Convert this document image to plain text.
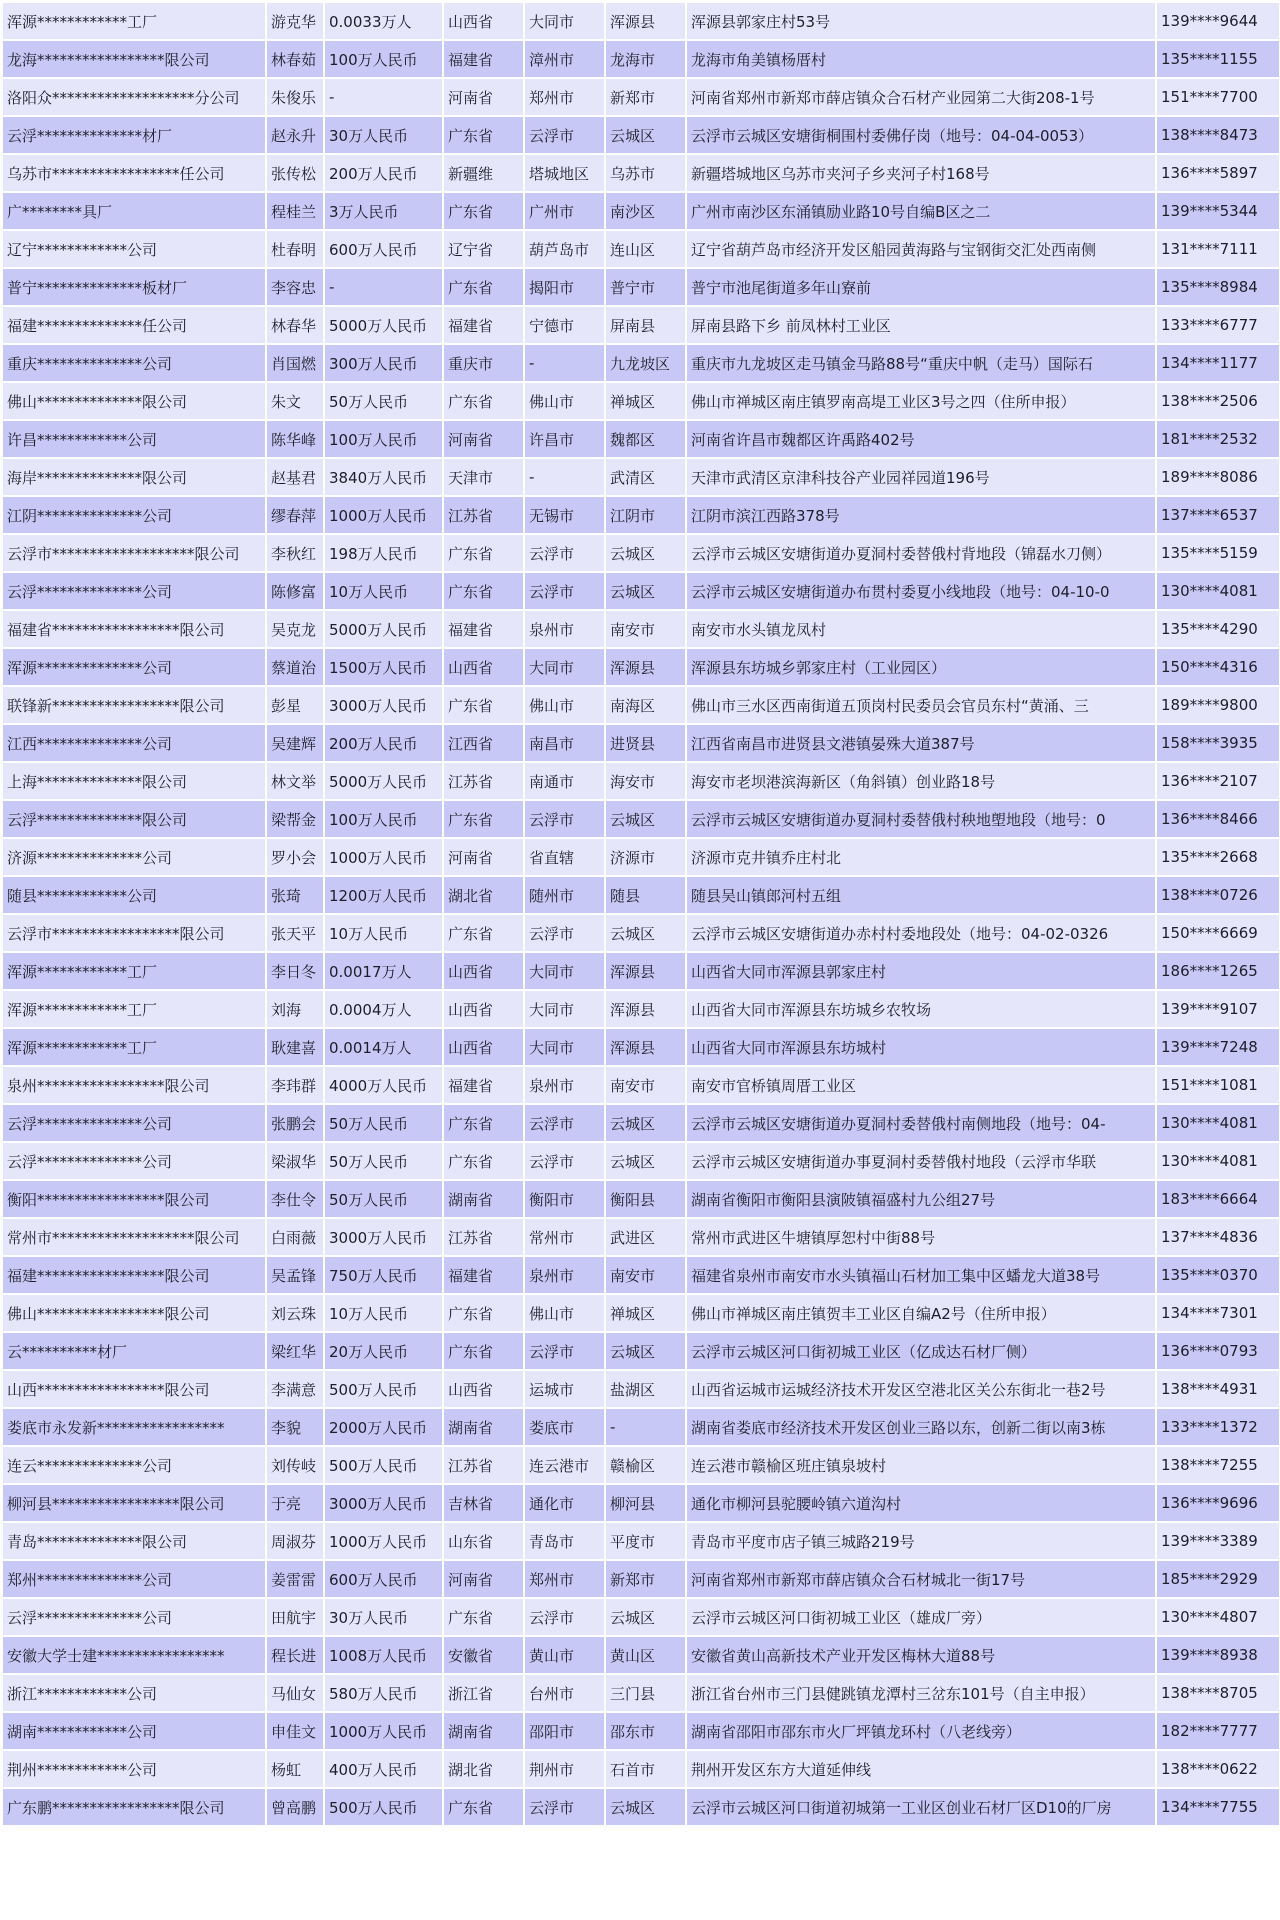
浑源************工厂	游克华	0.0033万人	山西省	大同市	浑源县	浑源县郭家庄村53号	139****9644
龙海*****************限公司	林春茹	100万人民币	福建省	漳州市	龙海市	龙海市角美镇杨厝村	135****1155
洛阳众*******************分公司	朱俊乐	-	河南省	郑州市	新郑市	河南省郑州市新郑市薛店镇众合石材产业园第二大街208-1号	151****7700
云浮**************材厂	赵永升	30万人民币	广东省	云浮市	云城区	云浮市云城区安塘街桐围村委佛仔岗（地号：04-04-0053）	138****8473
乌苏市*****************任公司	张传松	200万人民币	新疆维	塔城地区	乌苏市	新疆塔城地区乌苏市夹河子乡夹河子村168号	136****5897
广********具厂	程桂兰	3万人民币	广东省	广州市	南沙区	广州市南沙区东涌镇励业路10号自编B区之二	139****5344
辽宁************公司	杜春明	600万人民币	辽宁省	葫芦岛市	连山区	辽宁省葫芦岛市经济开发区船园黄海路与宝钢街交汇处西南侧	131****7111
普宁**************板材厂	李容忠	-	广东省	揭阳市	普宁市	普宁市池尾街道多年山寮前	135****8984
福建**************任公司	林春华	5000万人民币	福建省	宁德市	屏南县	屏南县路下乡 前凤林村工业区	133****6777
重庆**************公司	肖国燃	300万人民币	重庆市	-	九龙坡区	重庆市九龙坡区走马镇金马路88号“重庆中帆（走马）国际石	134****1177
佛山**************限公司	朱文	50万人民币	广东省	佛山市	禅城区	佛山市禅城区南庄镇罗南高堤工业区3号之四（住所申报）	138****2506
许昌************公司	陈华峰	100万人民币	河南省	许昌市	魏都区	河南省许昌市魏都区许禹路402号	181****2532
海岸**************限公司	赵基君	3840万人民币	天津市	-	武清区	天津市武清区京津科技谷产业园祥园道196号	189****8086
江阴**************公司	缪春萍	1000万人民币	江苏省	无锡市	江阴市	江阴市滨江西路378号	137****6537
云浮市*******************限公司	李秋红	198万人民币	广东省	云浮市	云城区	云浮市云城区安塘街道办夏洞村委替俄村背地段（锦磊水刀侧）	135****5159
云浮**************公司	陈修富	10万人民币	广东省	云浮市	云城区	云浮市云城区安塘街道办布贯村委夏小线地段（地号：04-10-0	130****4081
福建省*****************限公司	吴克龙	5000万人民币	福建省	泉州市	南安市	南安市水头镇龙凤村	135****4290
浑源**************公司	蔡道治	1500万人民币	山西省	大同市	浑源县	浑源县东坊城乡郭家庄村（工业园区）	150****4316
联锋新*****************限公司	彭星	3000万人民币	广东省	佛山市	南海区	佛山市三水区西南街道五顶岗村民委员会官员东村“黄涌、三	189****9800
江西**************公司	吴建辉	200万人民币	江西省	南昌市	进贤县	江西省南昌市进贤县文港镇晏殊大道387号	158****3935
上海**************限公司	林文举	5000万人民币	江苏省	南通市	海安市	海安市老坝港滨海新区（角斜镇）创业路18号	136****2107
云浮**************限公司	梁帮金	100万人民币	广东省	云浮市	云城区	云浮市云城区安塘街道办夏洞村委替俄村秧地塱地段（地号：0	136****8466
济源**************公司	罗小会	1000万人民币	河南省	省直辖	济源市	济源市克井镇乔庄村北	135****2668
随县************公司	张琦	1200万人民币	湖北省	随州市	随县	随县吴山镇郎河村五组	138****0726
云浮市*****************限公司	张天平	10万人民币	广东省	云浮市	云城区	云浮市云城区安塘街道办赤村村委地段处（地号：04-02-0326	150****6669
浑源************工厂	李日冬	0.0017万人	山西省	大同市	浑源县	山西省大同市浑源县郭家庄村	186****1265
浑源************工厂	刘海	0.0004万人	山西省	大同市	浑源县	山西省大同市浑源县东坊城乡农牧场	139****9107
浑源************工厂	耿建喜	0.0014万人	山西省	大同市	浑源县	山西省大同市浑源县东坊城村	139****7248
泉州*****************限公司	李玮群	4000万人民币	福建省	泉州市	南安市	南安市官桥镇周厝工业区	151****1081
云浮**************公司	张鹏会	50万人民币	广东省	云浮市	云城区	云浮市云城区安塘街道办夏洞村委替俄村南侧地段（地号：04-	130****4081
云浮**************公司	梁淑华	50万人民币	广东省	云浮市	云城区	云浮市云城区安塘街道办事夏洞村委替俄村地段（云浮市华联	130****4081
衡阳*****************限公司	李仕令	50万人民币	湖南省	衡阳市	衡阳县	湖南省衡阳市衡阳县演陂镇福盛村九公组27号	183****6664
常州市*******************限公司	白雨薇	3000万人民币	江苏省	常州市	武进区	常州市武进区牛塘镇厚恕村中街88号	137****4836
福建*****************限公司	吴孟锋	750万人民币	福建省	泉州市	南安市	福建省泉州市南安市水头镇福山石材加工集中区蟠龙大道38号	135****0370
佛山*****************限公司	刘云珠	10万人民币	广东省	佛山市	禅城区	佛山市禅城区南庄镇贺丰工业区自编A2号（住所申报）	134****7301
云**********材厂	梁红华	20万人民币	广东省	云浮市	云城区	云浮市云城区河口街初城工业区（亿成达石材厂侧）	136****0793
山西*****************限公司	李满意	500万人民币	山西省	运城市	盐湖区	山西省运城市运城经济技术开发区空港北区关公东街北一巷2号	138****4931
娄底市永发新*****************	李貌	2000万人民币	湖南省	娄底市	-	湖南省娄底市经济技术开发区创业三路以东，创新二街以南3栋	133****1372
连云**************公司	刘传岐	500万人民币	江苏省	连云港市	赣榆区	连云港市赣榆区班庄镇泉坡村	138****7255
柳河县*****************限公司	于亮	3000万人民币	吉林省	通化市	柳河县	通化市柳河县驼腰岭镇六道沟村	136****9696
青岛**************限公司	周淑芬	1000万人民币	山东省	青岛市	平度市	青岛市平度市店子镇三城路219号	139****3389
郑州**************公司	姜雷雷	600万人民币	河南省	郑州市	新郑市	河南省郑州市新郑市薛店镇众合石材城北一街17号	185****2929
云浮**************公司	田航宇	30万人民币	广东省	云浮市	云城区	云浮市云城区河口街初城工业区（雄成厂旁）	130****4807
安徽大学士建*****************	程长进	1008万人民币	安徽省	黄山市	黄山区	安徽省黄山高新技术产业开发区梅林大道88号	139****8938
浙江************公司	马仙女	580万人民币	浙江省	台州市	三门县	浙江省台州市三门县健跳镇龙潭村三岔东101号（自主申报）	138****8705
湖南************公司	申佳文	1000万人民币	湖南省	邵阳市	邵东市	湖南省邵阳市邵东市火厂坪镇龙环村（八老线旁）	182****7777
荆州************公司	杨虹	400万人民币	湖北省	荆州市	石首市	荆州开发区东方大道延伸线	138****0622
广东鹏*****************限公司	曾高鹏	500万人民币	广东省	云浮市	云城区	云浮市云城区河口街道初城第一工业区创业石材厂区D10的厂房	134****7755
